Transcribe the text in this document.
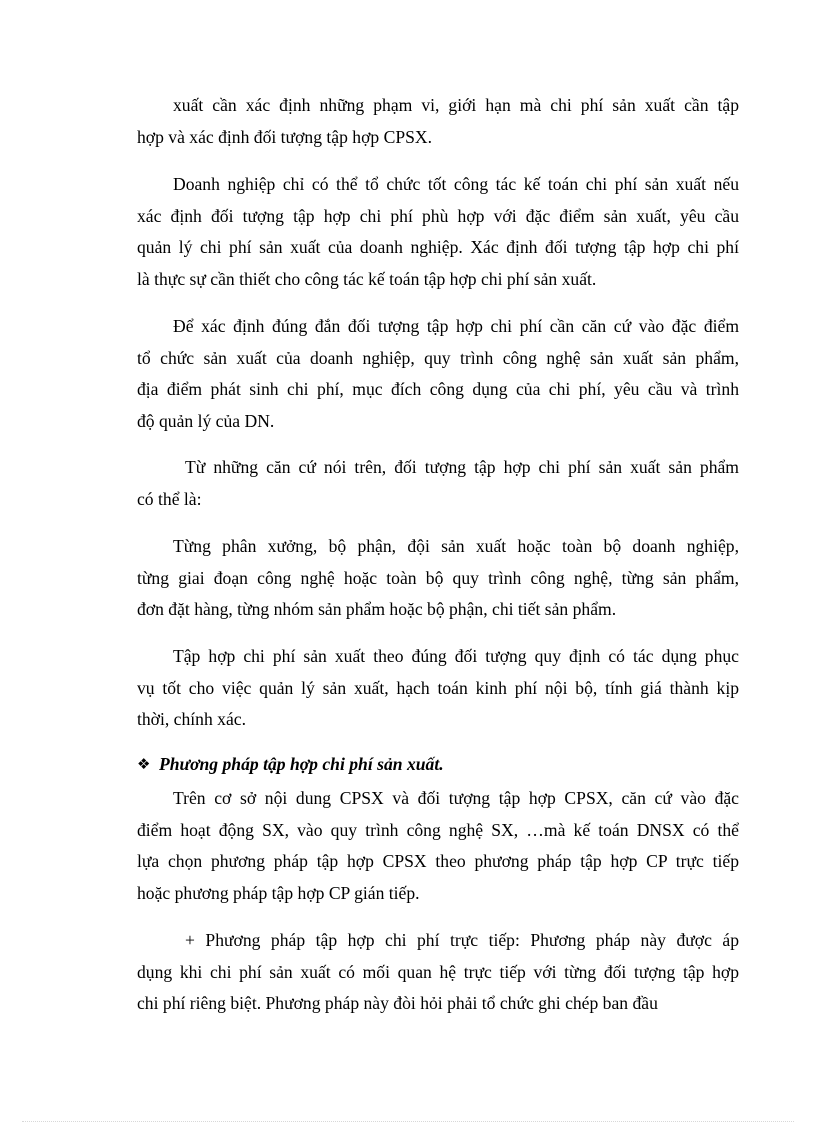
xuất cần xác định những phạm vi, giới hạn mà chi phí sản xuất cần tập
hợp và xác định đối tượng tập hợp CPSX.
Doanh nghiệp chỉ có thể tổ chức tốt công tác kế toán chi phí sản xuất nếu
xác định đối tượng tập hợp chi phí phù hợp với đặc điểm sản xuất, yêu cầu
quản lý chi phí sản xuất của doanh nghiệp. Xác định đối tượng tập hợp chi phí
là thực sự cần thiết cho công tác kế toán tập hợp chi phí sản xuất.
Để xác định đúng đắn đối tượng tập hợp chi phí cần căn cứ vào đặc điểm
tổ chức sản xuất của doanh nghiệp, quy trình công nghệ sản xuất sản phẩm,
địa điểm phát sinh chi phí, mục đích công dụng của chi phí, yêu cầu và trình
độ quản lý của DN.
Từ những căn cứ nói trên, đối tượng tập hợp chi phí sản xuất sản phẩm
có thể là:
Từng phân xưởng, bộ phận, đội sản xuất hoặc toàn bộ doanh nghiệp,
từng giai đoạn công nghệ hoặc toàn bộ quy trình công nghệ, từng sản phẩm,
đơn đặt hàng, từng nhóm sản phẩm hoặc bộ phận, chi tiết sản phẩm.
Tập hợp chi phí sản xuất theo đúng đối tượng quy định có tác dụng phục
vụ tốt cho việc quản lý sản xuất, hạch toán kinh phí nội bộ, tính giá thành kịp
thời, chính xác.
❖ Phương pháp tập hợp chi phí sản xuất.
Trên cơ sở nội dung CPSX và đối tượng tập hợp CPSX, căn cứ vào đặc
điểm hoạt động SX, vào quy trình công nghệ SX, …mà kế toán DNSX có thể
lựa chọn phương pháp tập hợp CPSX theo phương pháp tập hợp CP trực tiếp
hoặc phương pháp tập hợp CP gián tiếp.
+ Phương pháp tập hợp chi phí trực tiếp: Phương pháp này được áp
dụng khi chi phí sản xuất có mối quan hệ trực tiếp với từng đối tượng tập hợp
chi phí riêng biệt. Phương pháp này đòi hỏi phải tổ chức ghi chép ban đầu
